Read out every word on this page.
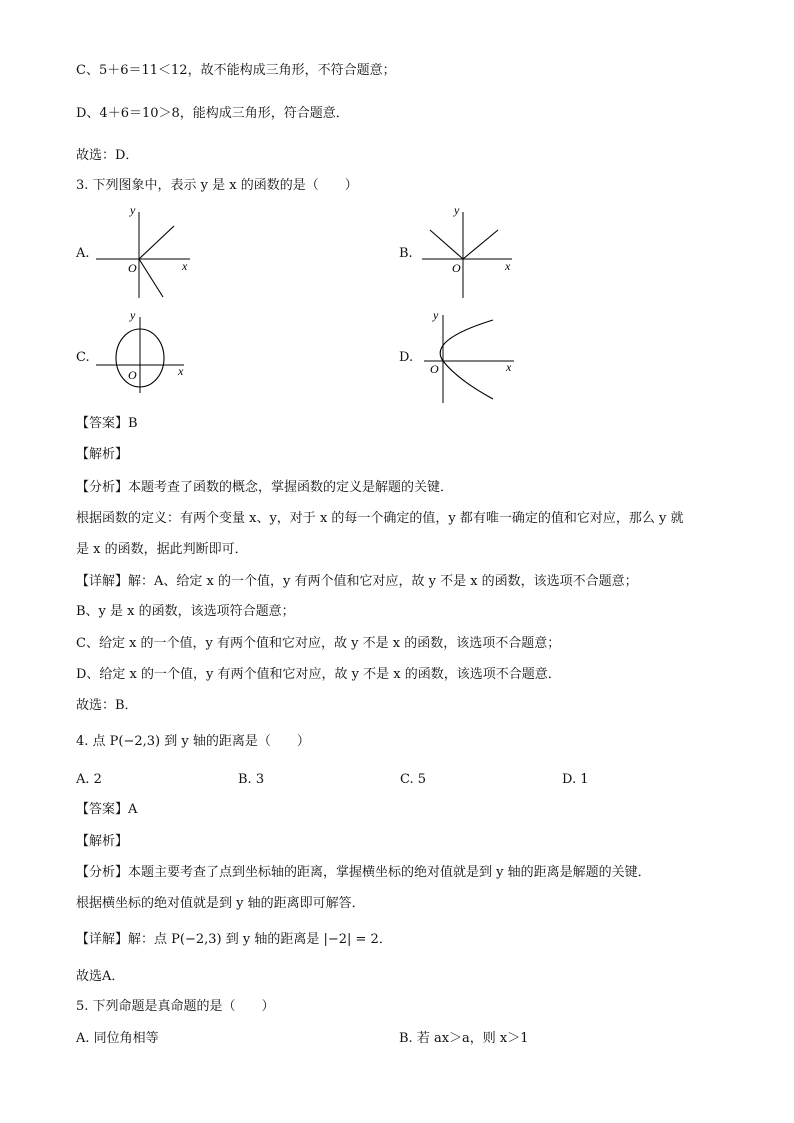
C、5＋6＝11＜12，故不能构成三角形，不符合题意；
D、4＋6＝10＞8，能构成三角形，符合题意．
故选：D．
3. 下列图象中，表示 y 是 x 的函数的是（　　）
A.
x
y
O
B.
x
y
O
C.
x
y
O
D.
x
y
O
【答案】B
【解析】
【分析】本题考查了函数的概念，掌握函数的定义是解题的关键．
根据函数的定义：有两个变量 x、y，对于 x 的每一个确定的值，y 都有唯一确定的值和它对应，那么 y 就
是 x 的函数，据此判断即可．
【详解】解：A、给定 x 的一个值，y 有两个值和它对应，故 y 不是 x 的函数，该选项不合题意；
B、y 是 x 的函数，该选项符合题意；
C、给定 x 的一个值，y 有两个值和它对应，故 y 不是 x 的函数，该选项不合题意；
D、给定 x 的一个值，y 有两个值和它对应，故 y 不是 x 的函数，该选项不合题意．
故选：B．
4. 点 P(−2,3) 到 y 轴的距离是（　　）
A. 2	B. 3	C. 5	D. 1
【答案】A
【解析】
【分析】本题主要考查了点到坐标轴的距离，掌握横坐标的绝对值就是到 y 轴的距离是解题的关键．
根据横坐标的绝对值就是到 y 轴的距离即可解答．
【详解】解：点 P(−2,3) 到 y 轴的距离是 |−2| = 2．
故选A．
5. 下列命题是真命题的是（　　）
A. 同位角相等	B. 若 ax＞a，则 x＞1
